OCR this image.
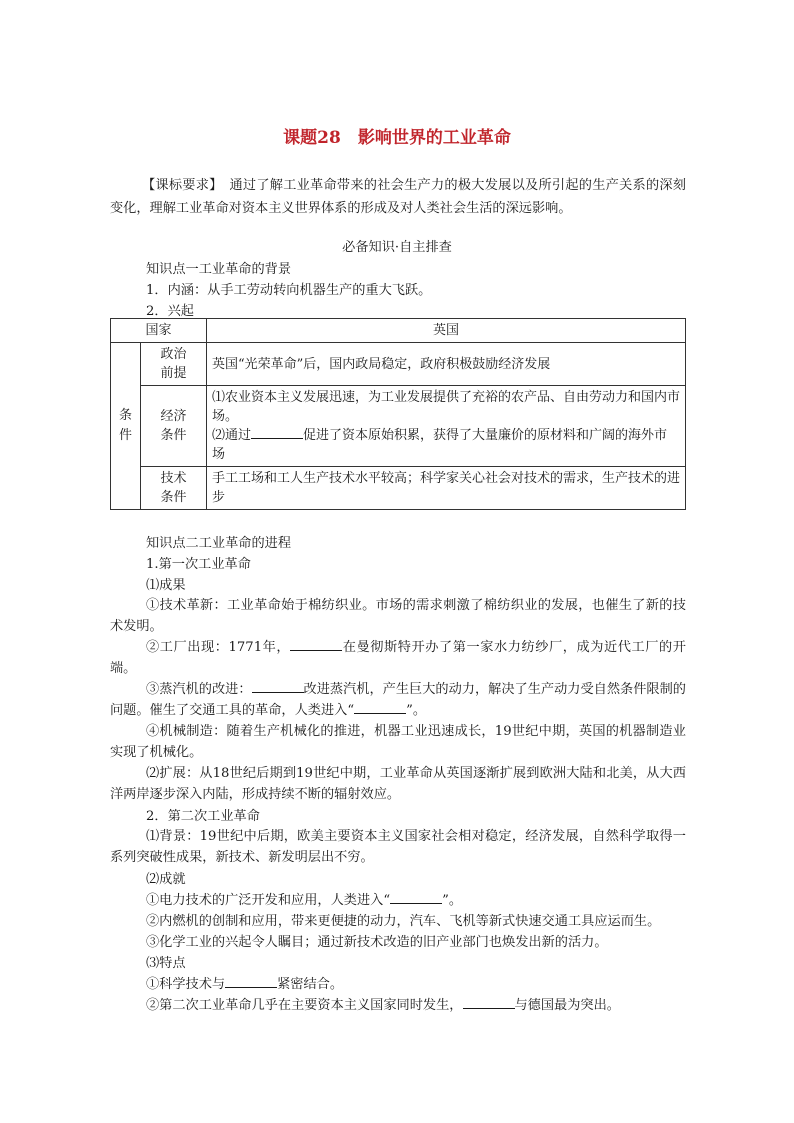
课题28　影响世界的工业革命
【课标要求】　通过了解工业革命带来的社会生产力的极大发展以及所引起的生产关系的深刻变化，理解工业革命对资本主义世界体系的形成及对人类社会生活的深远影响。
必备知识·自主排查
知识点一工业革命的背景
1．内涵：从手工劳动转向机器生产的重大飞跃。
2．兴起
国家		英国
条件	政治前提	英国“光荣革命”后，国内政局稳定，政府积极鼓励经济发展
	经济条件	⑴农业资本主义发展迅速，为工业发展提供了充裕的农产品、自由劳动力和国内市场。
⑵通过 促进了资本原始积累，获得了大量廉价的原材料和广阔的海外市场

	技术条件	手工工场和工人生产技术水平较高；科学家关心社会对技术的需求，生产技术的进步
知识点二工业革命的进程
1.第一次工业革命
⑴成果
①技术革新：工业革命始于棉纺织业。市场的需求刺激了棉纺织业的发展，也催生了新的技术发明。
②工厂出现：1771年，	在曼彻斯特开办了第一家水力纺纱厂，成为近代工厂的开端。
③蒸汽机的改进：	改进蒸汽机，产生巨大的动力，解决了生产动力受自然条件限制的问题。催生了交通工具的革命，人类进入“	”。
④机械制造：随着生产机械化的推进，机器工业迅速成长，19世纪中期，英国的机器制造业实现了机械化。
⑵扩展：从18世纪后期到19世纪中期，工业革命从英国逐渐扩展到欧洲大陆和北美，从大西洋两岸逐步深入内陆，形成持续不断的辐射效应。
2．第二次工业革命
⑴背景：19世纪中后期，欧美主要资本主义国家社会相对稳定，经济发展，自然科学取得一系列突破性成果，新技术、新发明层出不穷。
⑵成就
①电力技术的广泛开发和应用，人类进入“	”。
②内燃机的创制和应用，带来更便捷的动力，汽车、飞机等新式快速交通工具应运而生。
③化学工业的兴起令人瞩目；通过新技术改造的旧产业部门也焕发出新的活力。
⑶特点
①科学技术与	紧密结合。
②第二次工业革命几乎在主要资本主义国家同时发生，	与德国最为突出。
